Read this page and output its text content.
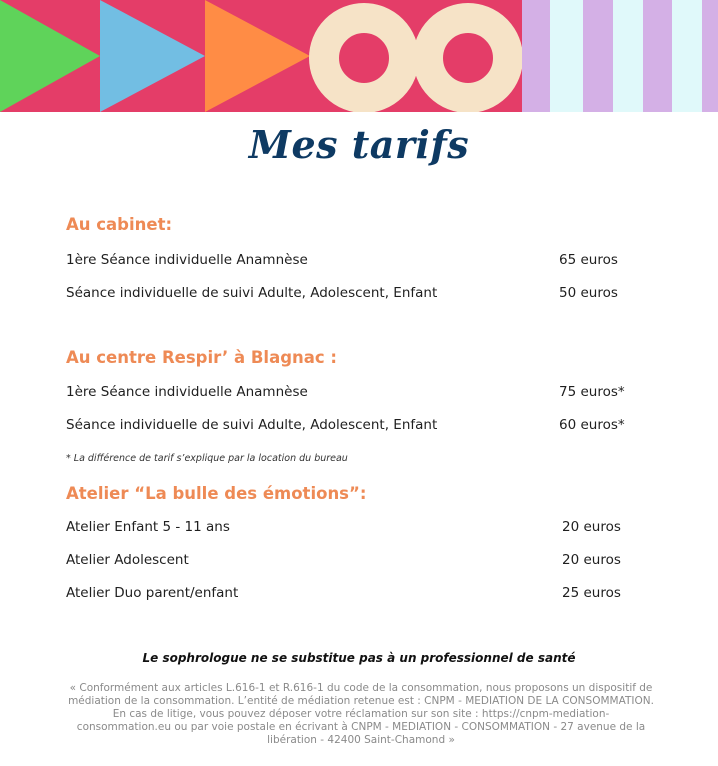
Mes tarifs
Au cabinet:
1ère Séance individuelle Anamnèse	65 euros
Séance individuelle de suivi Adulte, Adolescent, Enfant	50 euros
Au centre Respir’ à Blagnac :
1ère Séance individuelle Anamnèse	75 euros*
Séance individuelle de suivi Adulte, Adolescent, Enfant	60 euros*
* La différence de tarif s’explique par la location du bureau
Atelier “La bulle des émotions”:
Atelier Enfant 5 - 11 ans	20 euros
Atelier Adolescent	20 euros
Atelier Duo parent/enfant	25 euros
Le sophrologue ne se substitue pas à un professionnel de santé
« Conformément aux articles L.616-1 et R.616-1 du code de la consommation, nous proposons un dispositif de médiation de la consommation. L’entité de médiation retenue est : CNPM - MEDIATION DE LA CONSOMMATION. En cas de litige, vous pouvez déposer votre réclamation sur son site : https://cnpm-mediation-consommation.eu ou par voie postale en écrivant à CNPM - MEDIATION - CONSOMMATION - 27 avenue de la libération - 42400 Saint-Chamond »
